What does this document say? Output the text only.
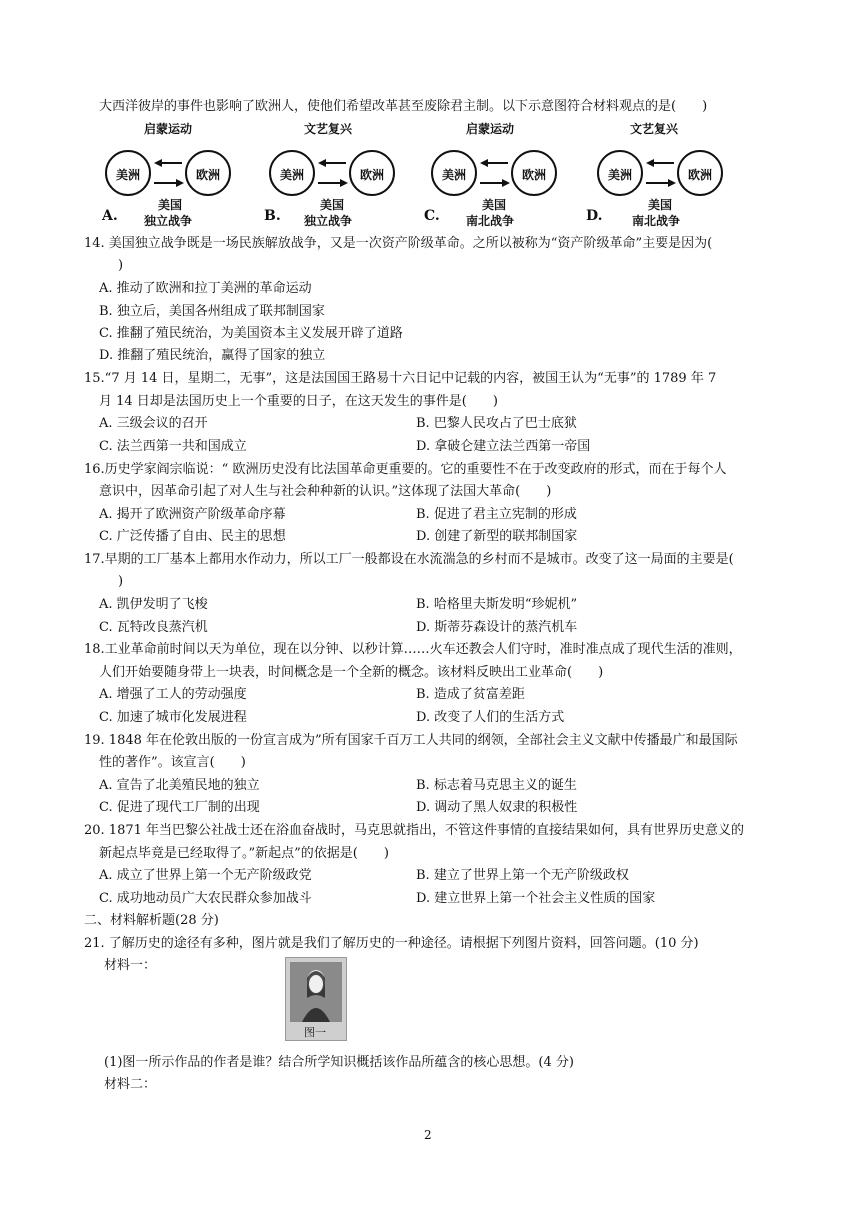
大西洋彼岸的事件也影响了欧洲人，使他们希望改革甚至废除君主制。以下示意图符合材料观点的是(　　)
启蒙运动
美洲	欧洲
美国
独立战争
A.
文艺复兴
美洲	欧洲
美国
独立战争
B.
启蒙运动
美洲	欧洲
美国
南北战争
C.
文艺复兴
美洲	欧洲
美国
南北战争
D.
14. 美国独立战争既是一场民族解放战争，又是一次资产阶级革命。之所以被称为“资产阶级革命”主要是因为(
)
A. 推动了欧洲和拉丁美洲的革命运动
B. 独立后，美国各州组成了联邦制国家
C. 推翻了殖民统治，为美国资本主义发展开辟了道路
D. 推翻了殖民统治，赢得了国家的独立
15.“7 月 14 日，星期二，无事”，这是法国国王路易十六日记中记载的内容，被国王认为“无事”的 1789 年 7
月 14 日却是法国历史上一个重要的日子，在这天发生的事件是(　　)
A. 三级会议的召开	B. 巴黎人民攻占了巴士底狱
C. 法兰西第一共和国成立	D. 拿破仑建立法兰西第一帝国
16.历史学家阎宗临说：“ 欧洲历史没有比法国革命更重要的。它的重要性不在于改变政府的形式，而在于每个人
意识中，因革命引起了对人生与社会种种新的认识。”这体现了法国大革命(　　)
A. 揭开了欧洲资产阶级革命序幕	B. 促进了君主立宪制的形成
C. 广泛传播了自由、民主的思想	D. 创建了新型的联邦制国家
17.早期的工厂基本上都用水作动力，所以工厂一般都设在水流湍急的乡村而不是城市。改变了这一局面的主要是(
)
A. 凯伊发明了飞梭	B. 哈格里夫斯发明“珍妮机”
C. 瓦特改良蒸汽机	D. 斯蒂芬森设计的蒸汽机车
18.工业革命前时间以天为单位，现在以分钟、以秒计算……火车还教会人们守时，准时准点成了现代生活的准则，
人们开始要随身带上一块表，时间概念是一个全新的概念。该材料反映出工业革命(　　)
A. 增强了工人的劳动强度	B. 造成了贫富差距
C. 加速了城市化发展进程	D. 改变了人们的生活方式
19. 1848 年在伦敦出版的一份宣言成为”所有国家千百万工人共同的纲领，全部社会主义文献中传播最广和最国际
性的著作”。该宣言(　　)
A. 宣告了北美殖民地的独立	B. 标志着马克思主义的诞生
C. 促进了现代工厂制的出现	D. 调动了黑人奴隶的积极性
20. 1871 年当巴黎公社战士还在浴血奋战时，马克思就指出，不管这件事情的直接结果如何，具有世界历史意义的
新起点毕竟是已经取得了。”新起点”的依据是(　　)
A. 成立了世界上第一个无产阶级政党	B. 建立了世界上第一个无产阶级政权
C. 成功地动员广大农民群众参加战斗	D. 建立世界上第一个社会主义性质的国家
二、材料解析题(28 分)
21. 了解历史的途径有多种，图片就是我们了解历史的一种途径。请根据下列图片资料，回答问题。(10 分)
材料一：
图一
(1)图一所示作品的作者是谁？结合所学知识概括该作品所蕴含的核心思想。(4 分)
材料二：
2
